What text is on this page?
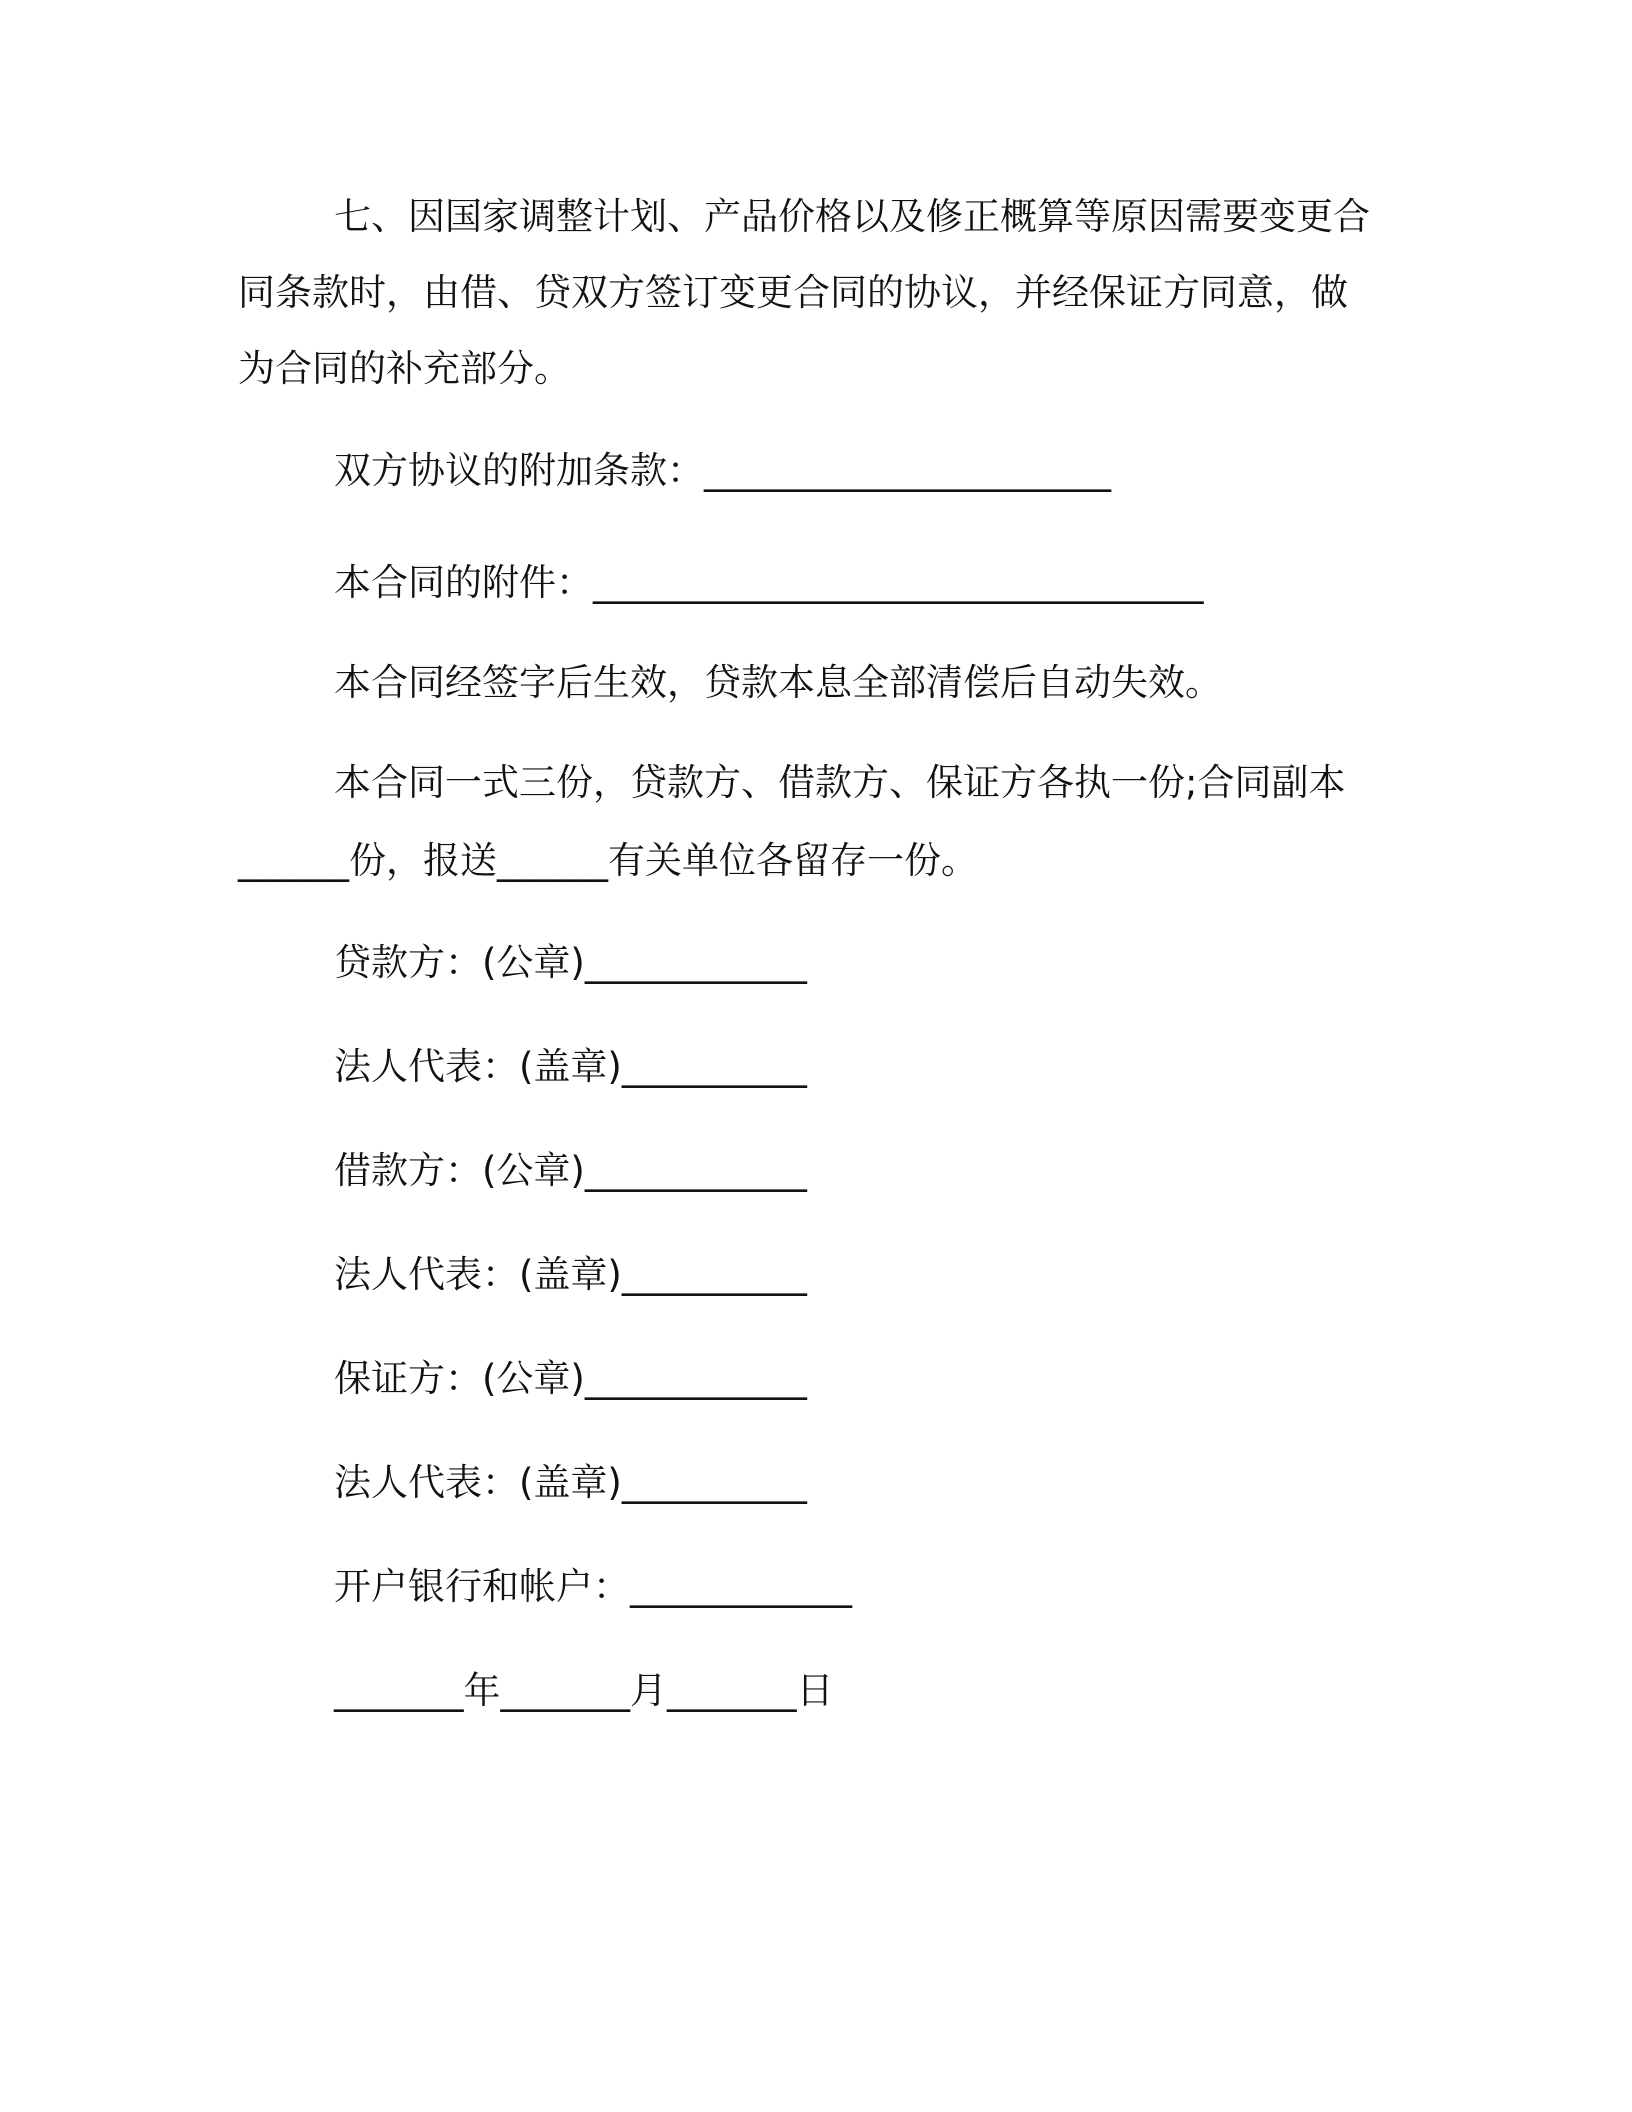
七、因国家调整计划、产品价格以及修正概算等原因需要变更合
同条款时，由借、贷双方签订变更合同的协议，并经保证方同意，做
为合同的补充部分。
双方协议的附加条款：______________________
本合同的附件：_________________________________
本合同经签字后生效，贷款本息全部清偿后自动失效。
本合同一式三份，贷款方、借款方、保证方各执一份;合同副本
______份，报送______有关单位各留存一份。
贷款方：(公章)____________
法人代表：(盖章)__________
借款方：(公章)____________
法人代表：(盖章)__________
保证方：(公章)____________
法人代表：(盖章)__________
开户银行和帐户：____________
_______年_______月_______日
